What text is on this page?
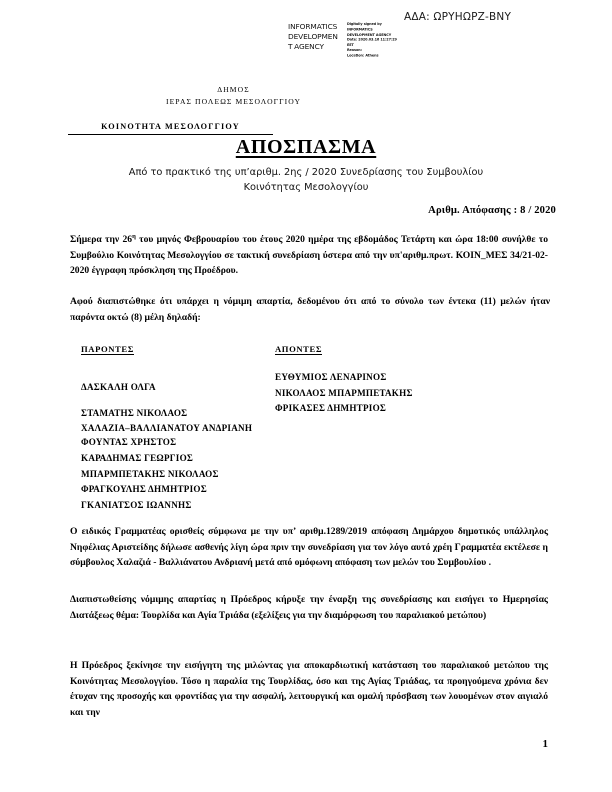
ΑΔΑ: ΩΡΥΗΩΡΖ-ΒΝΥ
INFORMATICS
DEVELOPMEN
T AGENCY
Digitally signed by
INFORMATICS
DEVELOPMENT AGENCY
Date: 2020.03.16 11:27:29
EET
Reason:
Location: Athens
ΔΗΜΟΣ
ΙΕΡΑΣ ΠΟΛΕΩΣ ΜΕΣΟΛΟΓΓΙΟΥ
ΚΟΙΝΟΤΗΤΑ ΜΕΣΟΛΟΓΓΙΟΥ
ΑΠΟΣΠΑΣΜΑ
Από το πρακτικό της υπ’αριθμ. 2ης / 2020 Συνεδρίασης του Συμβουλίου
Κοινότητας Μεσολογγίου
Αριθμ. Απόφασης : 8 / 2020
Σήμερα την $26^\eta$ του μηνός Φεβρουαρίου του έτους 2020 ημέρα της εβδομάδος Τετάρτη και ώρα 18:00 συνήλθε το Συμβούλιο Κοινότητας Μεσολογγίου σε τακτική συνεδρίαση ύστερα από την υπ'αριθμ.πρωτ. ΚΟΙΝ_ΜΕΣ 34/21-02-2020 έγγραφη πρόσκληση της Προέδρου.
Αφού διαπιστώθηκε ότι υπάρχει η νόμιμη απαρτία, δεδομένου ότι από το σύνολο των έντεκα (11) μελών ήταν παρόντα οκτώ (8) μέλη δηλαδή:
ΠΑΡΟΝΤΕΣ	ΑΠΟΝΤΕΣ
ΔΑΣΚΑΛΗ ΟΛΓΑ
ΣΤΑΜΑΤΗΣ ΝΙΚΟΛΑΟΣ
ΧΑΛΑΖΙΑ–ΒΑΛΛΙΑΝΑΤΟΥ ΑΝΔΡΙΑΝΗ
ΦΟΥΝΤΑΣ ΧΡΗΣΤΟΣ
ΚΑΡΑΔΗΜΑΣ ΓΕΩΡΓΙΟΣ
ΜΠΑΡΜΠΕΤΑΚΗΣ ΝΙΚΟΛΑΟΣ
ΦΡΑΓΚΟΥΛΗΣ ΔΗΜΗΤΡΙΟΣ
ΓΚΑΝΙΑΤΣΟΣ ΙΩΑΝΝΗΣ
ΕΥΘΥΜΙΟΣ ΛΕΝΑΡΙΝΟΣ
ΝΙΚΟΛΑΟΣ ΜΠΑΡΜΠΕΤΑΚΗΣ
ΦΡΙΚΑΣΕΣ ΔΗΜΗΤΡΙΟΣ
Ο ειδικός Γραμματέας ορισθείς σύμφωνα με την υπ’ αριθμ.1289/2019 απόφαση Δημάρχου δημοτικός υπάλληλος Νηφέλιας Αριστείδης δήλωσε ασθενής λίγη ώρα πριν την συνεδρίαση για τον λόγο αυτό χρέη Γραμματέα εκτέλεσε η σύμβουλος Χαλαζιά - Βαλλιάνατου Ανδριανή μετά από ομόφωνη απόφαση των μελών του Συμβουλίου .
Διαπιστωθείσης νόμιμης απαρτίας η Πρόεδρος κήρυξε την έναρξη της συνεδρίασης και εισήγει το Ημερησίας Διατάξεως θέμα: Τουρλίδα και Αγία Τριάδα (εξελίξεις για την διαμόρφωση του παραλιακού μετώπου)
Η Πρόεδρος ξεκίνησε την εισήγητη της μιλώντας για αποκαρδιωτική κατάσταση του παραλιακού μετώπου της Κοινότητας Μεσολογγίου. Τόσο η παραλία της Τουρλίδας, όσο και της Αγίας Τριάδας, τα προηγούμενα χρόνια δεν έτυχαν της προσοχής και φροντίδας για την ασφαλή, λειτουργική και ομαλή πρόσβαση των λουομένων στον αιγιαλό και την
1
